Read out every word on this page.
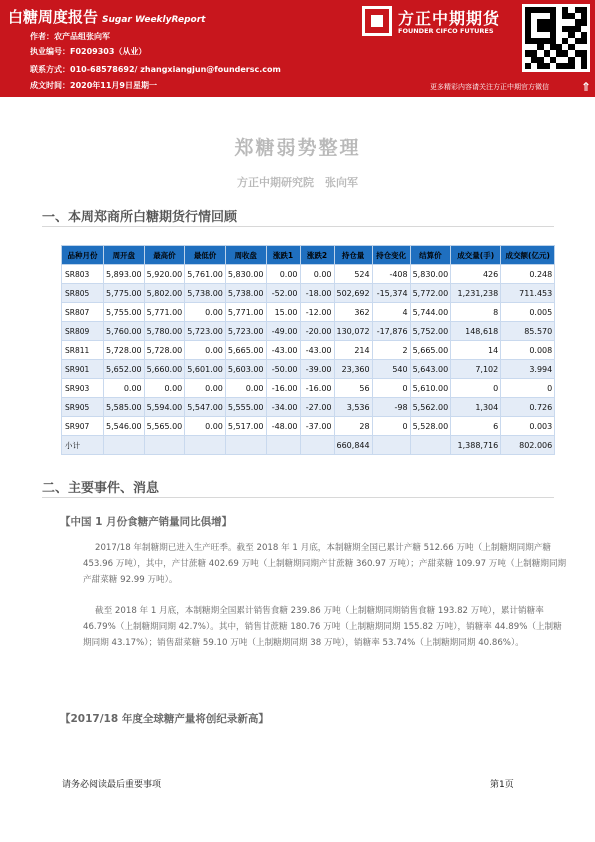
白糖周度报告 Sugar WeeklyReport
作者：农产品组张向军
执业编号：F0209303（从业）
联系方式：010-68578692/ zhangxiangjun@foundersc.com
成文时间：2020年11月9日星期一
方正中期期货
FOUNDER CIFCO FUTURES
更多精彩内容请关注方正中期官方微信	⇑
郑糖弱势整理
方正中期研究院　张向军
一、本周郑商所白糖期货行情回顾
品种月份	周开盘	最高价	最低价	周收盘	涨跌1	涨跌2	持仓量	持仓变化	结算价	成交量(手)	成交额(亿元)
SR803	5,893.00	5,920.00	5,761.00	5,830.00	0.00	0.00	524	-408	5,830.00	426	0.248
SR805	5,775.00	5,802.00	5,738.00	5,738.00	-52.00	-18.00	502,692	-15,374	5,772.00	1,231,238	711.453
SR807	5,755.00	5,771.00	0.00	5,771.00	15.00	-12.00	362	4	5,744.00	8	0.005
SR809	5,760.00	5,780.00	5,723.00	5,723.00	-49.00	-20.00	130,072	-17,876	5,752.00	148,618	85.570
SR811	5,728.00	5,728.00	0.00	5,665.00	-43.00	-43.00	214	2	5,665.00	14	0.008
SR901	5,652.00	5,660.00	5,601.00	5,603.00	-50.00	-39.00	23,360	540	5,643.00	7,102	3.994
SR903	0.00	0.00	0.00	0.00	-16.00	-16.00	56	0	5,610.00	0	0
SR905	5,585.00	5,594.00	5,547.00	5,555.00	-34.00	-27.00	3,536	-98	5,562.00	1,304	0.726
SR907	5,546.00	5,565.00	0.00	5,517.00	-48.00	-37.00	28	0	5,528.00	6	0.003
小计							660,844			1,388,716	802.006
二、主要事件、消息
【中国 1 月份食糖产销量同比俱增】
2017/18 年制糖期已进入生产旺季。截至 2018 年 1 月底，本制糖期全国已累计产糖 512.66 万吨（上制糖期同期产糖 453.96 万吨），其中，产甘蔗糖 402.69 万吨（上制糖期同期产甘蔗糖 360.97 万吨）；产甜菜糖 109.97 万吨（上制糖期同期产甜菜糖 92.99 万吨）。
截至 2018 年 1 月底，本制糖期全国累计销售食糖 239.86 万吨（上制糖期同期销售食糖 193.82 万吨），累计销糖率 46.79%（上制糖期同期 42.7%）。其中，销售甘蔗糖 180.76 万吨（上制糖期同期 155.82 万吨），销糖率 44.89%（上制糖期同期 43.17%）；销售甜菜糖 59.10 万吨（上制糖期同期 38 万吨），销糖率 53.74%（上制糖期同期 40.86%）。
【2017/18 年度全球糖产量将创纪录新高】
请务必阅读最后重要事项	第1页
